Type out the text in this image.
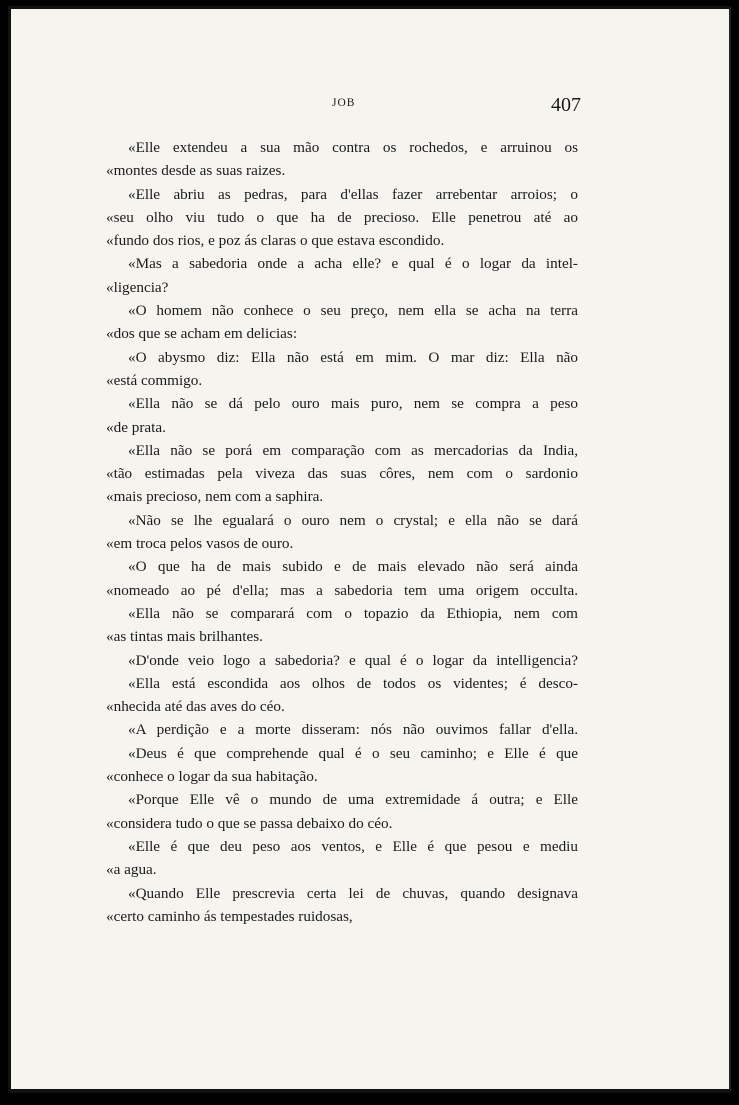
JOB	407
«Elle extendeu a sua mão contra os rochedos, e arruinou os
«montes desde as suas raizes.
«Elle abriu as pedras, para d'ellas fazer arrebentar arroios; o
«seu olho viu tudo o que ha de precioso. Elle penetrou até ao
«fundo dos rios, e poz ás claras o que estava escondido.
«Mas a sabedoria onde a acha elle? e qual é o logar da intel-
«ligencia?
«O homem não conhece o seu preço, nem ella se acha na terra
«dos que se acham em delicias:
«O abysmo diz: Ella não está em mim. O mar diz: Ella não
«está commigo.
«Ella não se dá pelo ouro mais puro, nem se compra a peso
«de prata.
«Ella não se porá em comparação com as mercadorias da India,
«tão estimadas pela viveza das suas côres, nem com o sardonio
«mais precioso, nem com a saphira.
«Não se lhe egualará o ouro nem o crystal; e ella não se dará
«em troca pelos vasos de ouro.
«O que ha de mais subido e de mais elevado não será ainda
«nomeado ao pé d'ella; mas a sabedoria tem uma origem occulta.
«Ella não se comparará com o topazio da Ethiopia, nem com
«as tintas mais brilhantes.
«D'onde veio logo a sabedoria? e qual é o logar da intelligencia?
«Ella está escondida aos olhos de todos os videntes; é desco-
«nhecida até das aves do céo.
«A perdição e a morte disseram: nós não ouvimos fallar d'ella.
«Deus é que comprehende qual é o seu caminho; e Elle é que
«conhece o logar da sua habitação.
«Porque Elle vê o mundo de uma extremidade á outra; e Elle
«considera tudo o que se passa debaixo do céo.
«Elle é que deu peso aos ventos, e Elle é que pesou e mediu
«a agua.
«Quando Elle prescrevia certa lei de chuvas, quando designava
«certo caminho ás tempestades ruidosas,
